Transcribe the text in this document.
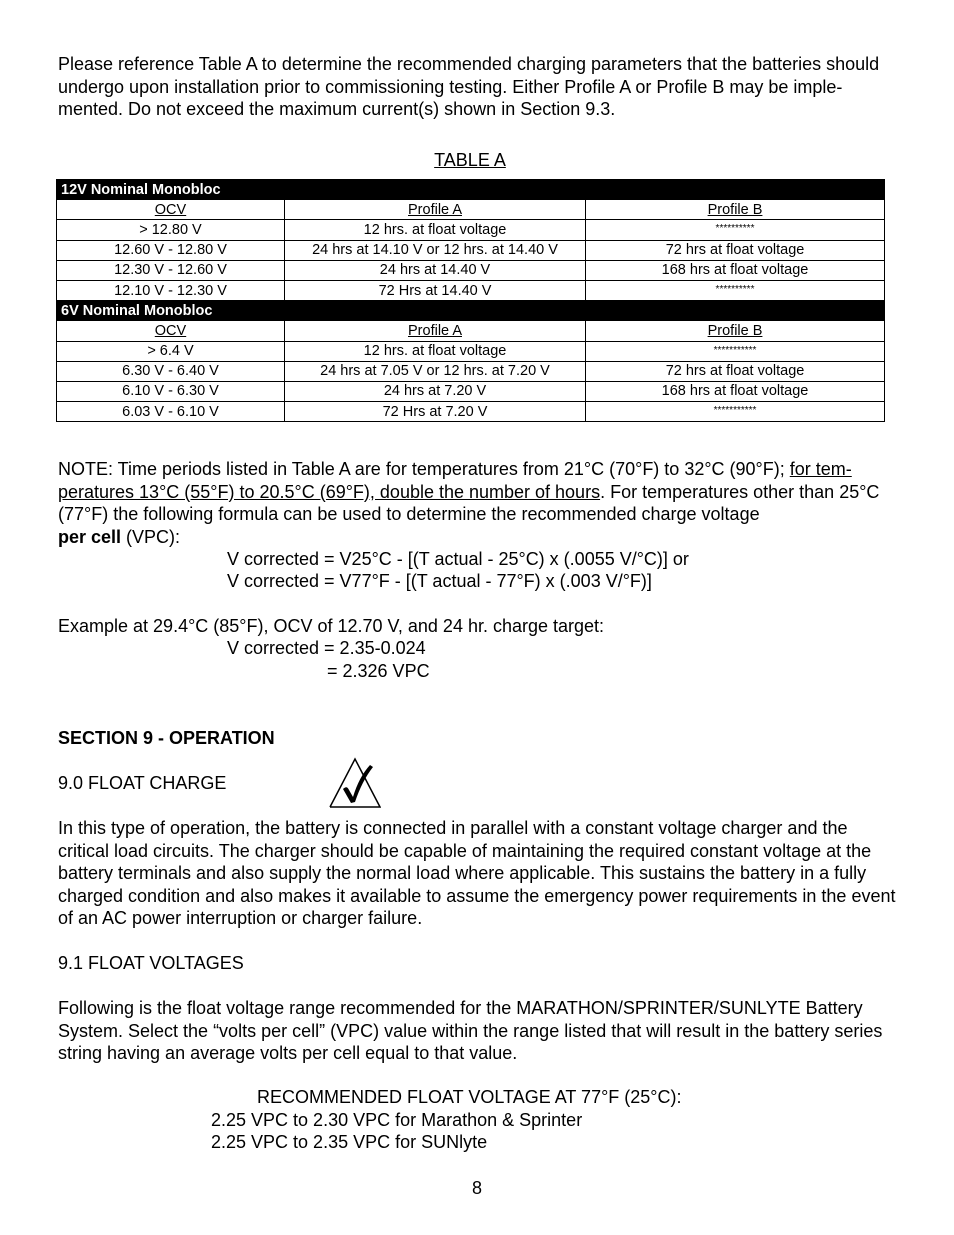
Please reference Table A to determine the recommended charging parameters that the batteries should undergo upon installation prior to commissioning testing. Either Profile A or Profile B may be imple-mented. Do not exceed the maximum current(s) shown in Section 9.3.

TABLE A
12V Nominal Monobloc		
OCV	Profile A	Profile B
> 12.80 V	12 hrs. at float voltage	**********
12.60 V - 12.80 V	24 hrs at 14.10 V or 12 hrs. at 14.40 V	72 hrs at float voltage
12.30 V - 12.60 V	24 hrs at 14.40 V	168 hrs at float voltage
12.10 V - 12.30 V	72 Hrs at 14.40 V	**********
6V Nominal Monobloc		
OCV	Profile A	Profile B
> 6.4 V	12 hrs. at float voltage	***********
6.30 V - 6.40 V	24 hrs at 7.05 V or 12 hrs. at 7.20 V	72 hrs at float voltage
6.10 V - 6.30 V	24 hrs at 7.20 V	168 hrs at float voltage
6.03 V - 6.10 V	72 Hrs at 7.20 V	***********

NOTE: Time periods listed in Table A are for temperatures from 21°C (70°F) to 32°C (90°F); for tem-peratures 13°C (55°F) to 20.5°C (69°F), double the number of hours. For temperatures other than 25°C (77°F) the following formula can be used to determine the recommended charge voltage
per cell (VPC):

V corrected = V25°C - [(T actual - 25°C) x (.0055 V/°C)] or
V corrected = V77°F - [(T actual - 77°F) x (.003 V/°F)]
Example at 29.4°C (85°F), OCV of 12.70 V, and 24 hr. charge target:
V corrected = 2.35-0.024
= 2.326 VPC
SECTION 9 - OPERATION
9.0 FLOAT CHARGE

In this type of operation, the battery is connected in parallel with a constant voltage charger and the critical load circuits. The charger should be capable of maintaining the required constant voltage at the battery terminals and also supply the normal load where applicable. This sustains the battery in a fully charged condition and also makes it available to assume the emergency power requirements in the event of an AC power interruption or charger failure.

9.1 FLOAT VOLTAGES

Following is the float voltage range recommended for the MARATHON/SPRINTER/SUNLYTE Battery System. Select the “volts per cell” (VPC) value within the range listed that will result in the battery series string having an average volts per cell equal to that value.

RECOMMENDED FLOAT VOLTAGE AT 77°F (25°C):
2.25 VPC to 2.30 VPC for Marathon & Sprinter
2.25 VPC to 2.35 VPC for SUNlyte
8
